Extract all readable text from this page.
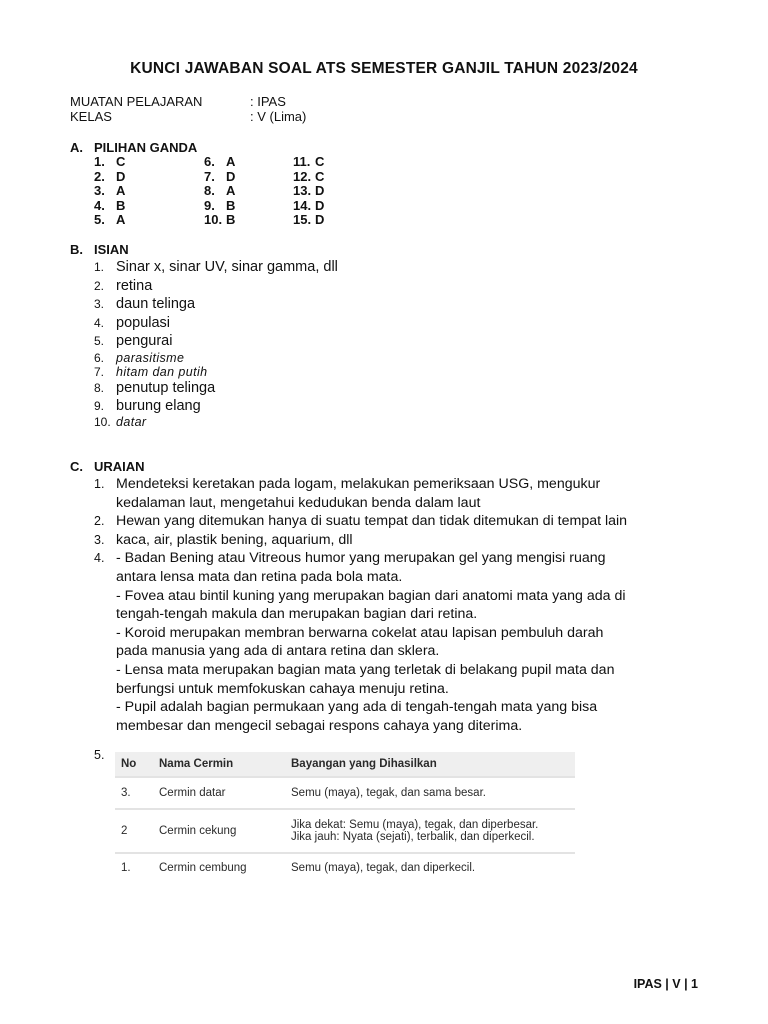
KUNCI JAWABAN SOAL ATS SEMESTER GANJIL TAHUN 2023/2024
MUATAN PELAJARAN	: IPAS
KELAS	: V (Lima)
A. PILIHAN GANDA
1. C	6. A	11. C
2. D	7. D	12. C
3. A	8. A	13. D
4. B	9. B	14. D
5. A	10. B	15. D
B. ISIAN
1. Sinar x, sinar UV, sinar gamma, dll
2. retina
3. daun telinga
4. populasi
5. pengurai
6. parasitisme
7. hitam dan putih
8. penutup telinga
9. burung elang
10. datar
C. URAIAN
1. Mendeteksi keretakan pada logam, melakukan pemeriksaan USG, mengukur
kedalaman laut, mengetahui kedudukan benda dalam laut
2. Hewan yang ditemukan hanya di suatu tempat dan tidak ditemukan di tempat lain
3. kaca, air, plastik bening, aquarium, dll
4. - Badan Bening atau Vitreous humor yang merupakan gel yang mengisi ruang
antara lensa mata dan retina pada bola mata.
- Fovea atau bintil kuning yang merupakan bagian dari anatomi mata yang ada di
tengah-tengah makula dan merupakan bagian dari retina.
- Koroid merupakan membran berwarna cokelat atau lapisan pembuluh darah
pada manusia yang ada di antara retina dan sklera.
- Lensa mata merupakan bagian mata yang terletak di belakang pupil mata dan
berfungsi untuk memfokuskan cahaya menuju retina.
- Pupil adalah bagian permukaan yang ada di tengah-tengah mata yang bisa
membesar dan mengecil sebagai respons cahaya yang diterima.
5.
No	Nama Cermin	Bayangan yang Dihasilkan
3.	Cermin datar	Semu (maya), tegak, dan sama besar.

2	Cermin cekung	Jika dekat: Semu (maya), tegak, dan diperbesar.
Jika jauh: Nyata (sejati), terbalik, dan diperkecil.

1.	Cermin cembung	Semu (maya), tegak, dan diperkecil.
IPAS | V | 1
